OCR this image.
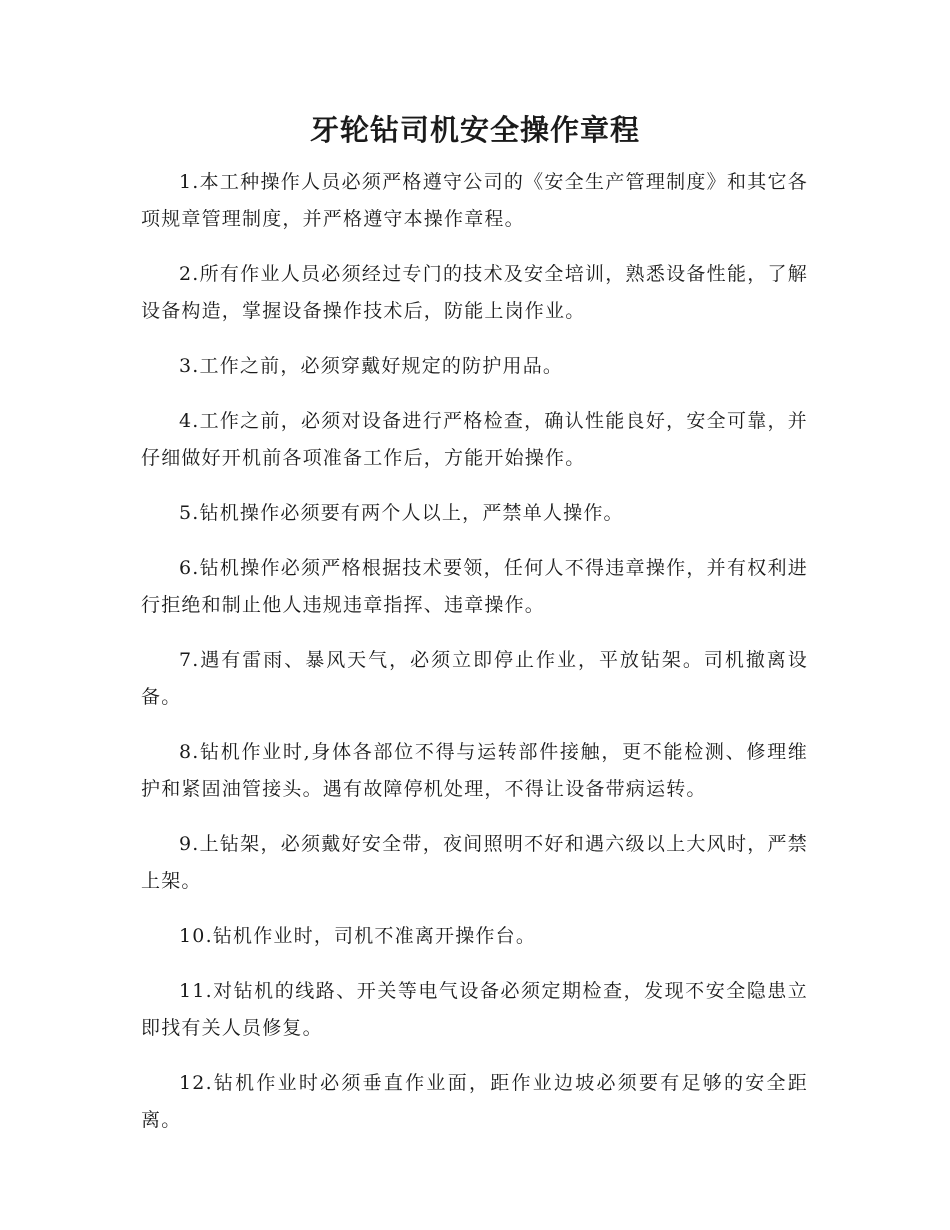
牙轮钻司机安全操作章程

1.本工种操作人员必须严格遵守公司的《安全生产管理制度》和其它各项规章管理制度，并严格遵守本操作章程。

2.所有作业人员必须经过专门的技术及安全培训，熟悉设备性能，了解设备构造，掌握设备操作技术后，防能上岗作业。

3.工作之前，必须穿戴好规定的防护用品。

4.工作之前，必须对设备进行严格检查，确认性能良好，安全可靠，并仔细做好开机前各项准备工作后，方能开始操作。

5.钻机操作必须要有两个人以上，严禁单人操作。

6.钻机操作必须严格根据技术要领，任何人不得违章操作，并有权利进行拒绝和制止他人违规违章指挥、违章操作。

7.遇有雷雨、暴风天气，必须立即停止作业，平放钻架。司机撤离设备。

8.钻机作业时,身体各部位不得与运转部件接触，更不能检测、修理维护和紧固油管接头。遇有故障停机处理，不得让设备带病运转。

9.上钻架，必须戴好安全带，夜间照明不好和遇六级以上大风时，严禁上架。

10.钻机作业时，司机不准离开操作台。

11.对钻机的线路、开关等电气设备必须定期检查，发现不安全隐患立即找有关人员修复。

12.钻机作业时必须垂直作业面，距作业边坡必须要有足够的安全距离。
